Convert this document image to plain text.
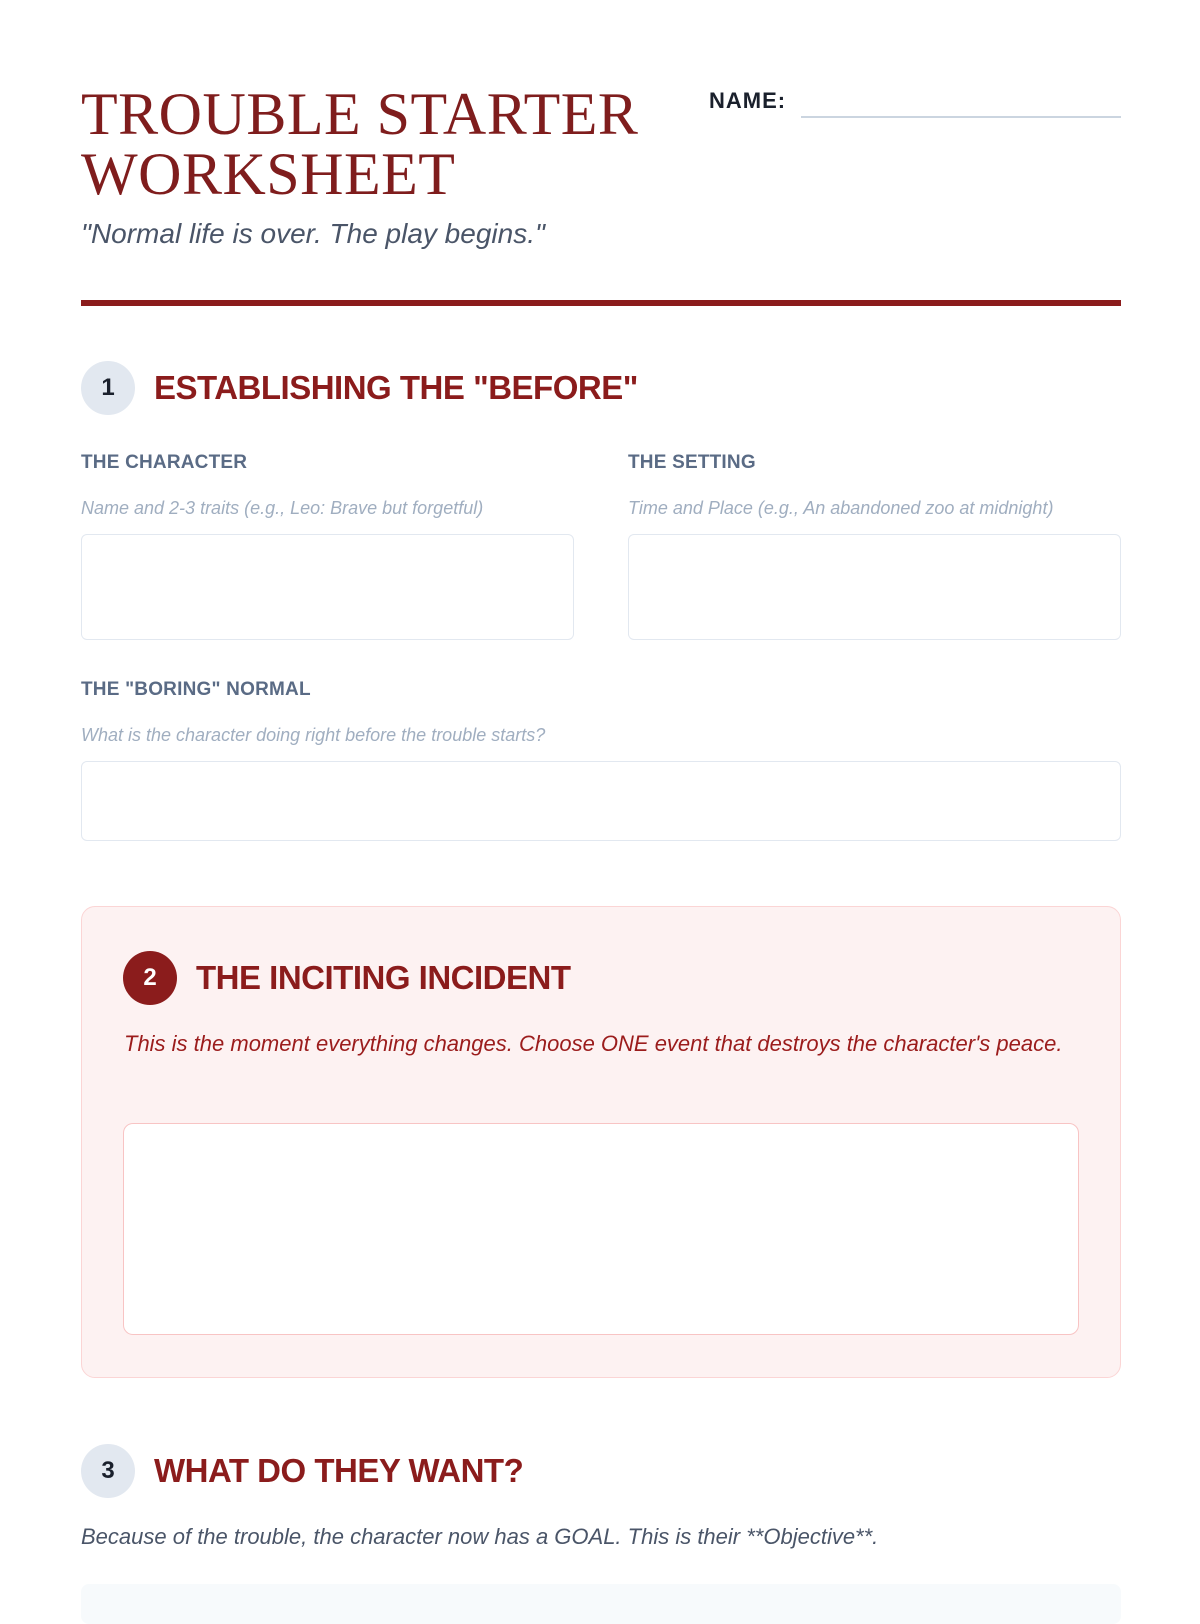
TROUBLE STARTER
WORKSHEET
"Normal life is over. The play begins."
NAME:
1	ESTABLISHING THE "BEFORE"
THE CHARACTER
Name and 2-3 traits (e.g., Leo: Brave but forgetful)
THE SETTING
Time and Place (e.g., An abandoned zoo at midnight)
THE "BORING" NORMAL
What is the character doing right before the trouble starts?
2	THE INCITING INCIDENT
This is the moment everything changes. Choose ONE event that destroys the character's peace.
3	WHAT DO THEY WANT?
Because of the trouble, the character now has a GOAL. This is their **Objective**.
